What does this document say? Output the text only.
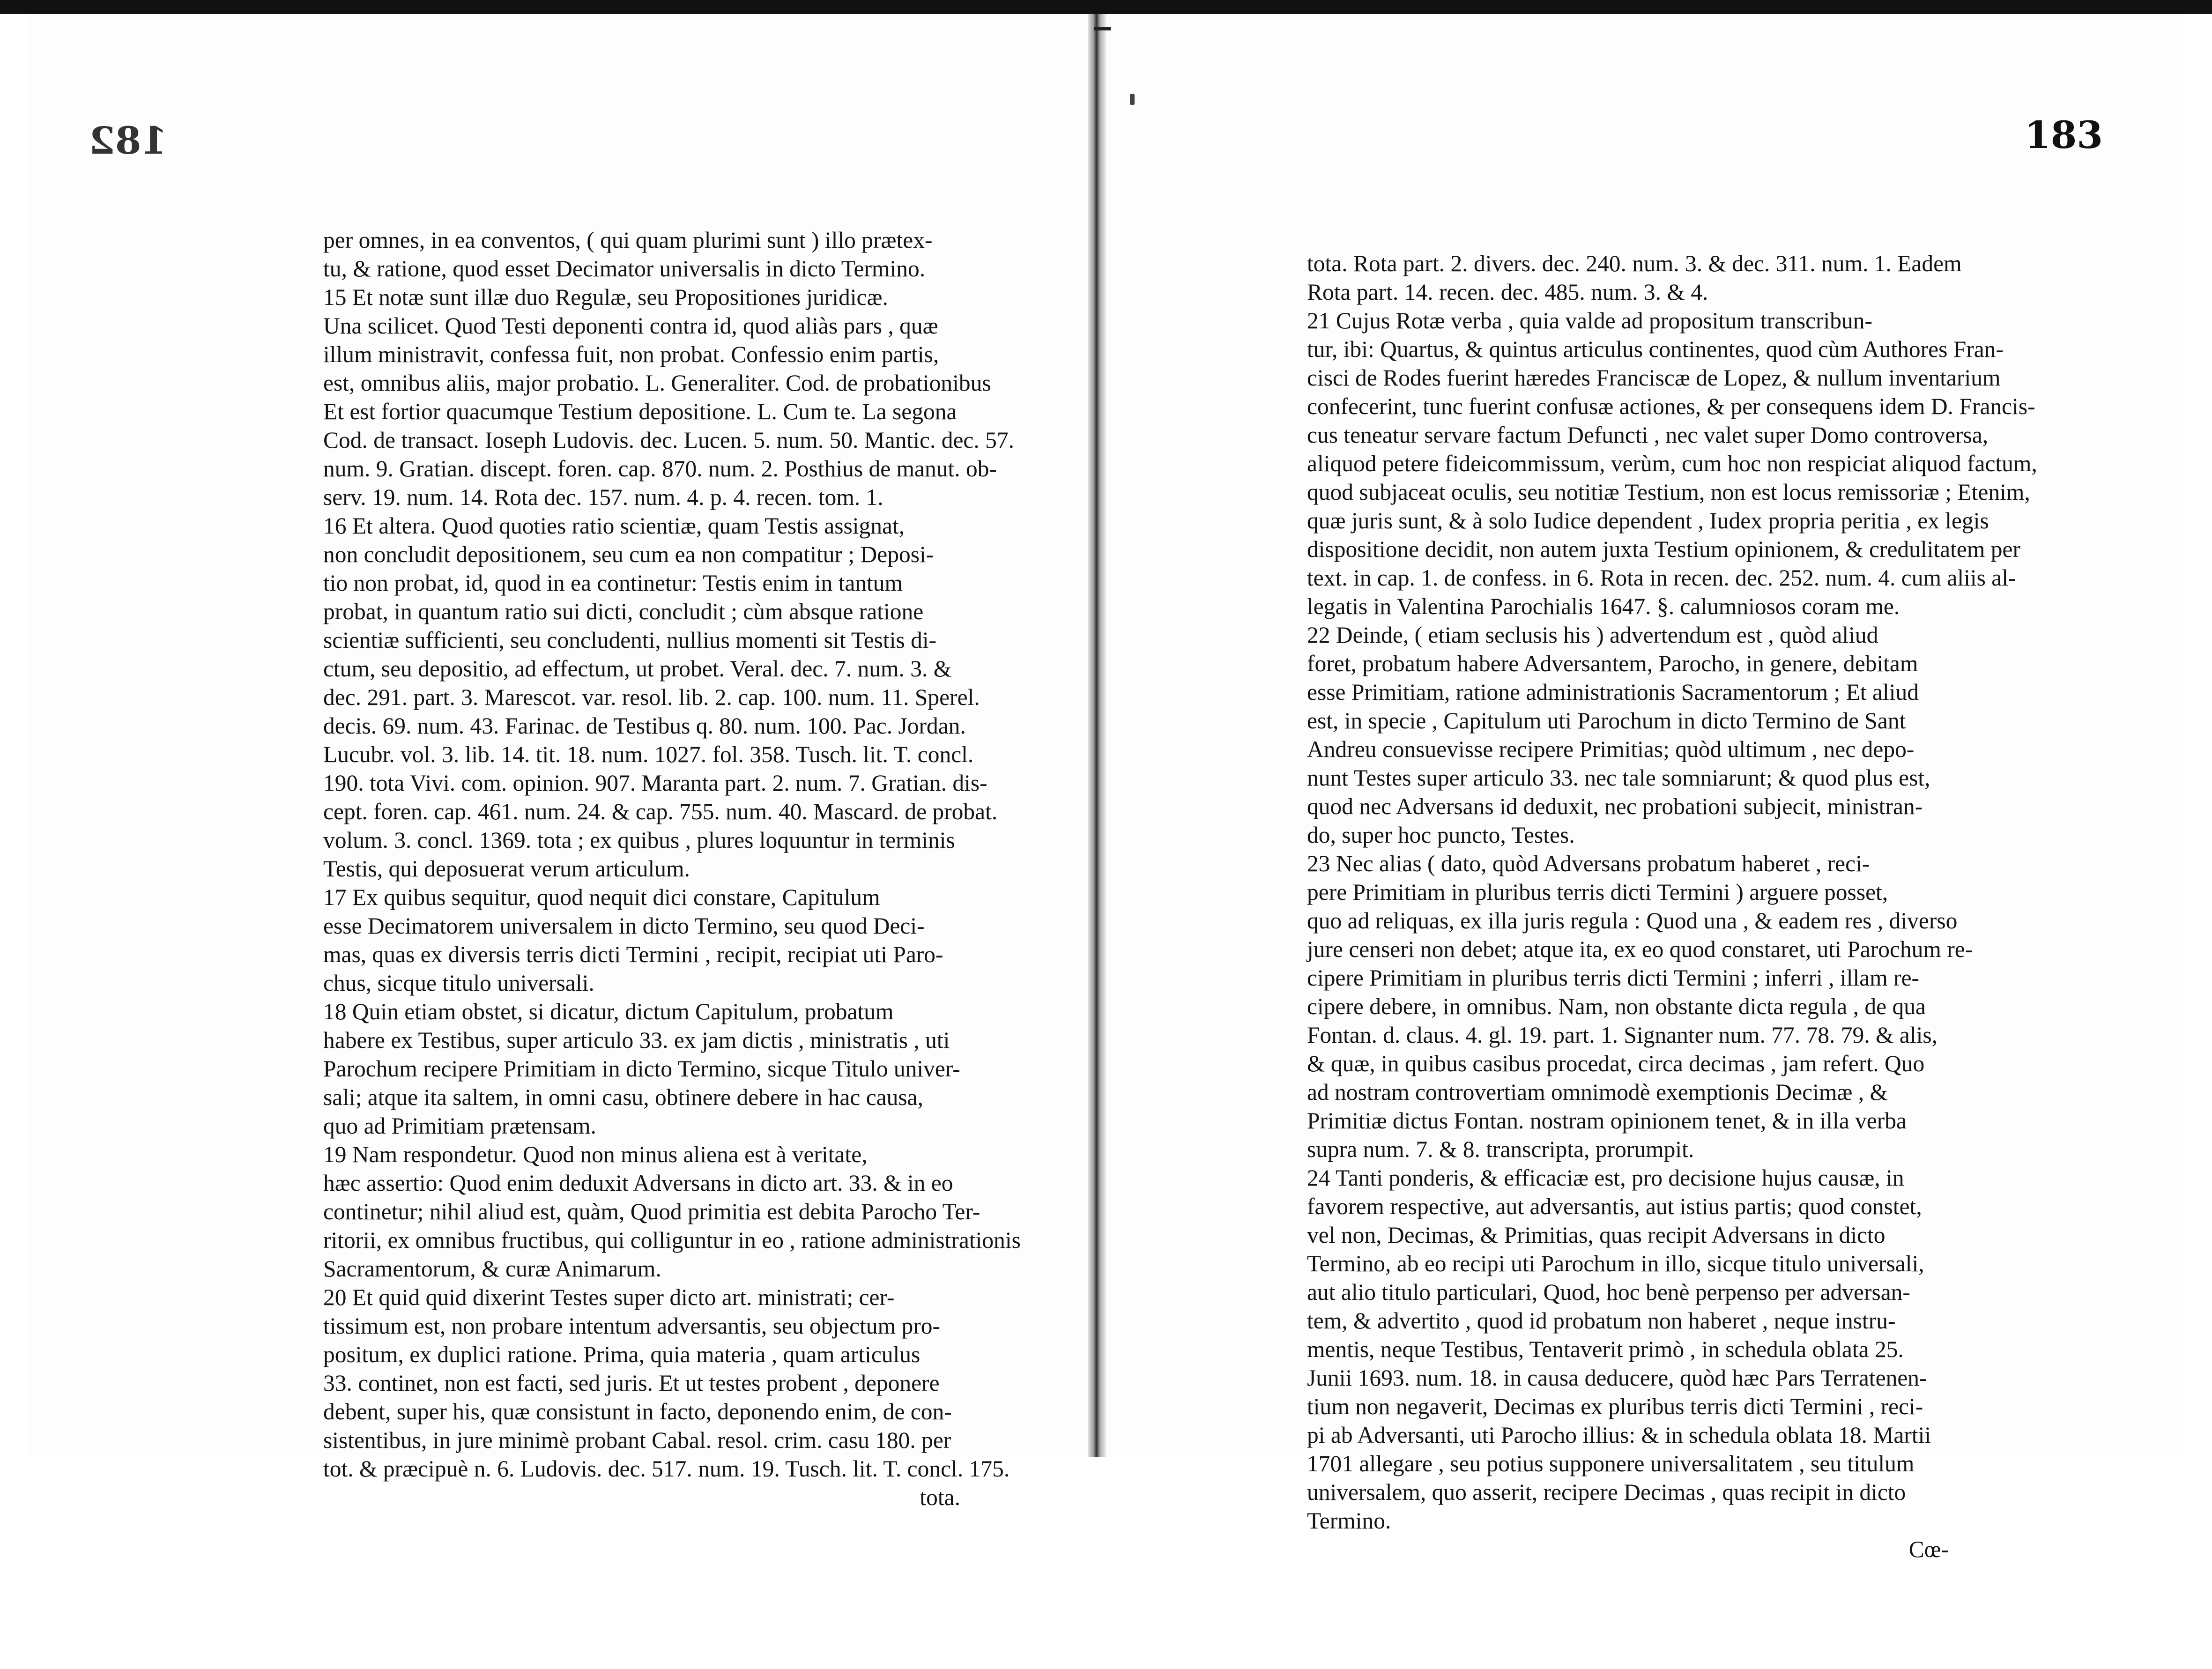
182	183
per omnes, in ea conventos, ( qui quam plurimi sunt ) illo prætex-
tu, & ratione, quod esset Decimator universalis in dicto Termino.
15 Et notæ sunt illæ duo Regulæ, seu Propositiones juridicæ.
Una scilicet. Quod Testi deponenti contra id, quod aliàs pars , quæ
illum ministravit, confessa fuit, non probat. Confessio enim partis,
est, omnibus aliis, major probatio. L. Generaliter. Cod. de probationibus
Et est fortior quacumque Testium depositione. L. Cum te. La segona
Cod. de transact. Ioseph Ludovis. dec. Lucen. 5. num. 50. Mantic. dec. 57.
num. 9. Gratian. discept. foren. cap. 870. num. 2. Posthius de manut. ob-
serv. 19. num. 14. Rota dec. 157. num. 4. p. 4. recen. tom. 1.
16 Et altera. Quod quoties ratio scientiæ, quam Testis assignat,
non concludit depositionem, seu cum ea non compatitur ; Deposi-
tio non probat, id, quod in ea continetur: Testis enim in tantum
probat, in quantum ratio sui dicti, concludit ; cùm absque ratione
scientiæ sufficienti, seu concludenti, nullius momenti sit Testis di-
ctum, seu depositio, ad effectum, ut probet. Veral. dec. 7. num. 3. &
dec. 291. part. 3. Marescot. var. resol. lib. 2. cap. 100. num. 11. Sperel.
decis. 69. num. 43. Farinac. de Testibus q. 80. num. 100. Pac. Jordan.
Lucubr. vol. 3. lib. 14. tit. 18. num. 1027. fol. 358. Tusch. lit. T. concl.
190. tota Vivi. com. opinion. 907. Maranta part. 2. num. 7. Gratian. dis-
cept. foren. cap. 461. num. 24. & cap. 755. num. 40. Mascard. de probat.
volum. 3. concl. 1369. tota ; ex quibus , plures loquuntur in terminis
Testis, qui deposuerat verum articulum.
17 Ex quibus sequitur, quod nequit dici constare, Capitulum
esse Decimatorem universalem in dicto Termino, seu quod Deci-
mas, quas ex diversis terris dicti Termini , recipit, recipiat uti Paro-
chus, sicque titulo universali.
18 Quin etiam obstet, si dicatur, dictum Capitulum, probatum
habere ex Testibus, super articulo 33. ex jam dictis , ministratis , uti
Parochum recipere Primitiam in dicto Termino, sicque Titulo univer-
sali; atque ita saltem, in omni casu, obtinere debere in hac causa,
quo ad Primitiam prætensam.
19 Nam respondetur. Quod non minus aliena est à veritate,
hæc assertio: Quod enim deduxit Adversans in dicto art. 33. & in eo
continetur; nihil aliud est, quàm, Quod primitia est debita Parocho Ter-
ritorii, ex omnibus fructibus, qui colliguntur in eo , ratione administrationis
Sacramentorum, & curæ Animarum.
20 Et quid quid dixerint Testes super dicto art. ministrati; cer-
tissimum est, non probare intentum adversantis, seu objectum pro-
positum, ex duplici ratione. Prima, quia materia , quam articulus
33. continet, non est facti, sed juris. Et ut testes probent , deponere
debent, super his, quæ consistunt in facto, deponendo enim, de con-
sistentibus, in jure minimè probant Cabal. resol. crim. casu 180. per
tot. & præcipuè n. 6. Ludovis. dec. 517. num. 19. Tusch. lit. T. concl. 175.
tota.
tota. Rota part. 2. divers. dec. 240. num. 3. & dec. 311. num. 1. Eadem
Rota part. 14. recen. dec. 485. num. 3. & 4.
21 Cujus Rotæ verba , quia valde ad propositum transcribun-
tur, ibi: Quartus, & quintus articulus continentes, quod cùm Authores Fran-
cisci de Rodes fuerint hæredes Franciscæ de Lopez, & nullum inventarium
confecerint, tunc fuerint confusæ actiones, & per consequens idem D. Francis-
cus teneatur servare factum Defuncti , nec valet super Domo controversa,
aliquod petere fideicommissum, verùm, cum hoc non respiciat aliquod factum,
quod subjaceat oculis, seu notitiæ Testium, non est locus remissoriæ ; Etenim,
quæ juris sunt, & à solo Iudice dependent , Iudex propria peritia , ex legis
dispositione decidit, non autem juxta Testium opinionem, & credulitatem per
text. in cap. 1. de confess. in 6. Rota in recen. dec. 252. num. 4. cum aliis al-
legatis in Valentina Parochialis 1647. §. calumniosos coram me.
22 Deinde, ( etiam seclusis his ) advertendum est , quòd aliud
foret, probatum habere Adversantem, Parocho, in genere, debitam
esse Primitiam, ratione administrationis Sacramentorum ; Et aliud
est, in specie , Capitulum uti Parochum in dicto Termino de Sant
Andreu consuevisse recipere Primitias; quòd ultimum , nec depo-
nunt Testes super articulo 33. nec tale somniarunt; & quod plus est,
quod nec Adversans id deduxit, nec probationi subjecit, ministran-
do, super hoc puncto, Testes.
23 Nec alias ( dato, quòd Adversans probatum haberet , reci-
pere Primitiam in pluribus terris dicti Termini ) arguere posset,
quo ad reliquas, ex illa juris regula : Quod una , & eadem res , diverso
jure censeri non debet; atque ita, ex eo quod constaret, uti Parochum re-
cipere Primitiam in pluribus terris dicti Termini ; inferri , illam re-
cipere debere, in omnibus. Nam, non obstante dicta regula , de qua
Fontan. d. claus. 4. gl. 19. part. 1. Signanter num. 77. 78. 79. & alis,
& quæ, in quibus casibus procedat, circa decimas , jam refert. Quo
ad nostram controvertiam omnimodè exemptionis Decimæ , &
Primitiæ dictus Fontan. nostram opinionem tenet, & in illa verba
supra num. 7. & 8. transcripta, prorumpit.
24 Tanti ponderis, & efficaciæ est, pro decisione hujus causæ, in
favorem respective, aut adversantis, aut istius partis; quod constet,
vel non, Decimas, & Primitias, quas recipit Adversans in dicto
Termino, ab eo recipi uti Parochum in illo, sicque titulo universali,
aut alio titulo particulari, Quod, hoc benè perpenso per adversan-
tem, & advertito , quod id probatum non haberet , neque instru-
mentis, neque Testibus, Tentaverit primò , in schedula oblata 25.
Junii 1693. num. 18. in causa deducere, quòd hæc Pars Terratenen-
tium non negaverit, Decimas ex pluribus terris dicti Termini , reci-
pi ab Adversanti, uti Parocho illius: & in schedula oblata 18. Martii
1701 allegare , seu potius supponere universalitatem , seu titulum
universalem, quo asserit, recipere Decimas , quas recipit in dicto
Termino.
Cœ-
